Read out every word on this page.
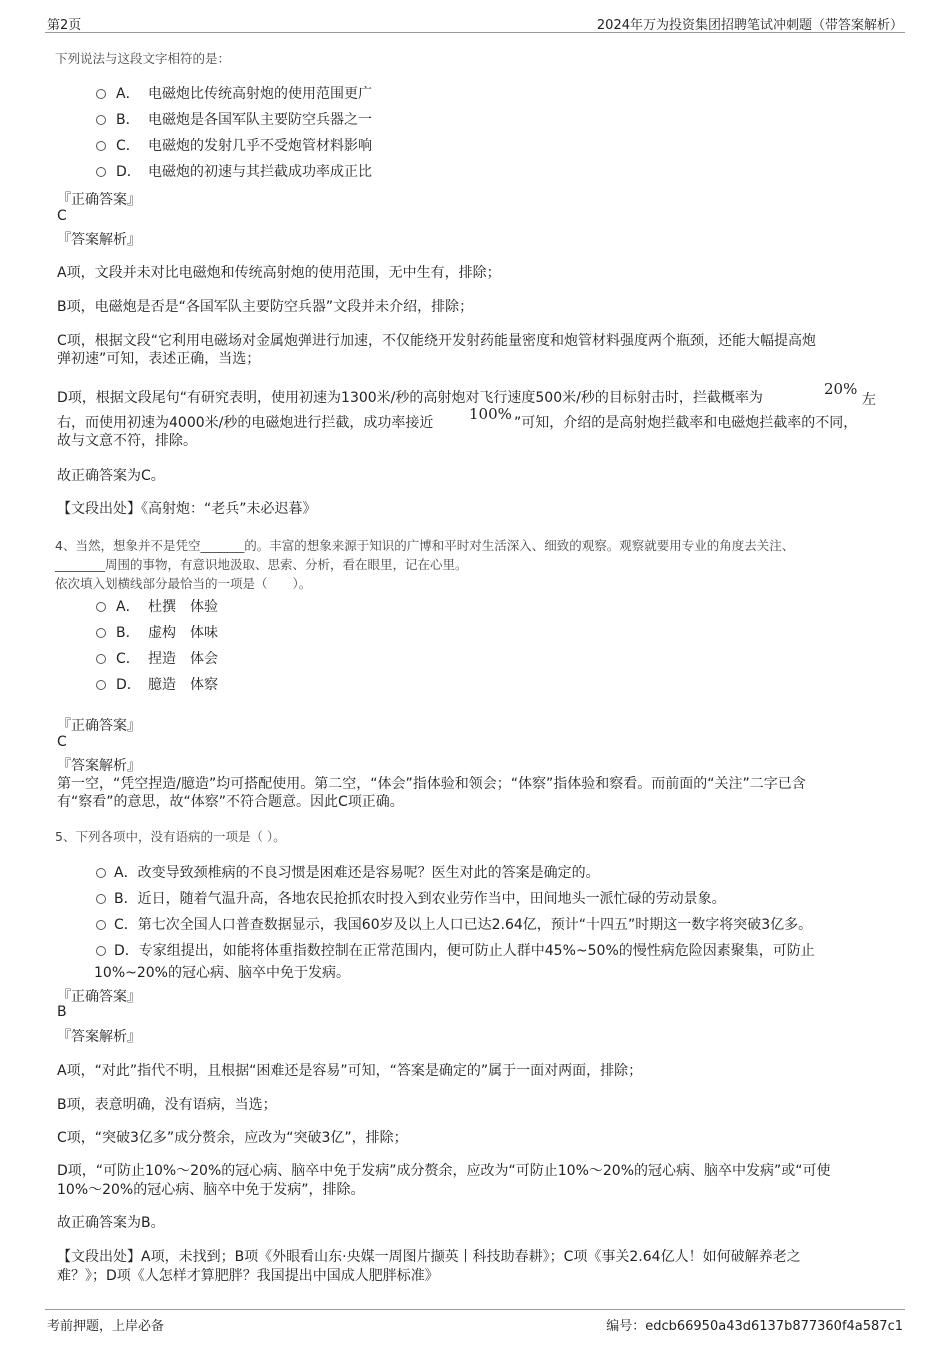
第2页	2024年万为投资集团招聘笔试冲刺题（带答案解析）
下列说法与这段文字相符的是：
A． 电磁炮比传统高射炮的使用范围更广
B． 电磁炮是各国军队主要防空兵器之一
C． 电磁炮的发射几乎不受炮管材料影响
D． 电磁炮的初速与其拦截成功率成正比
『正确答案』
C
『答案解析』
A项，文段并未对比电磁炮和传统高射炮的使用范围，无中生有，排除；
B项，电磁炮是否是“各国军队主要防空兵器”文段并未介绍，排除；
C项，根据文段“它利用电磁场对金属炮弹进行加速，不仅能绕开发射药能量密度和炮管材料强度两个瓶颈，还能大幅提高炮
弹初速”可知，表述正确，当选；
D项，根据文段尾句“有研究表明，使用初速为1300米/秒的高射炮对飞行速度500米/秒的目标射击时，拦截概率为	20%
左
右，而使用初速为4000米/秒的电磁炮进行拦截，成功率接近 100% ”可知，介绍的是高射炮拦截率和电磁炮拦截率的不同，
故与文意不符，排除。
故正确答案为C。
【文段出处】《高射炮：“老兵”未必迟暮》
4、当然，想象并不是凭空_______的。丰富的想象来源于知识的广博和平时对生活深入、细致的观察。观察就要用专业的角度去关注、
________周围的事物，有意识地汲取、思索、分析，看在眼里，记在心里。
依次填入划横线部分最恰当的一项是（　　）。
A． 杜撰　体验
B． 虚构　体味
C． 捏造　体会
D． 臆造　体察
『正确答案』
C
『答案解析』
第一空，“凭空捏造/臆造”均可搭配使用。第二空，“体会”指体验和领会；“体察”指体验和察看。而前面的“关注”二字已含
有“察看”的意思，故“体察”不符合题意。因此C项正确。
5、下列各项中，没有语病的一项是（ ）。
A．改变导致颈椎病的不良习惯是困难还是容易呢？医生对此的答案是确定的。
B．近日，随着气温升高，各地农民抢抓农时投入到农业劳作当中，田间地头一派忙碌的劳动景象。
C．第七次全国人口普查数据显示，我国60岁及以上人口已达2.64亿，预计“十四五”时期这一数字将突破3亿多。
D．专家组提出，如能将体重指数控制在正常范围内，便可防止人群中45%~50%的慢性病危险因素聚集，可防止
10%~20%的冠心病、脑卒中免于发病。
『正确答案』
B
『答案解析』
A项，“对此”指代不明，且根据“困难还是容易”可知，“答案是确定的”属于一面对两面，排除；
B项，表意明确，没有语病，当选；
C项，“突破3亿多”成分赘余，应改为“突破3亿”，排除；
D项，“可防止10%～20%的冠心病、脑卒中免于发病”成分赘余，应改为“可防止10%～20%的冠心病、脑卒中发病”或“可使
10%～20%的冠心病、脑卒中免于发病”，排除。
故正确答案为B。
【文段出处】A项，未找到；B项《外眼看山东·央媒一周图片撷英丨科技助春耕》；C项《事关2.64亿人！如何破解养老之
难？》；D项《人怎样才算肥胖？我国提出中国成人肥胖标准》
考前押题，上岸必备	编号：edcb66950a43d6137b877360f4a587c1
